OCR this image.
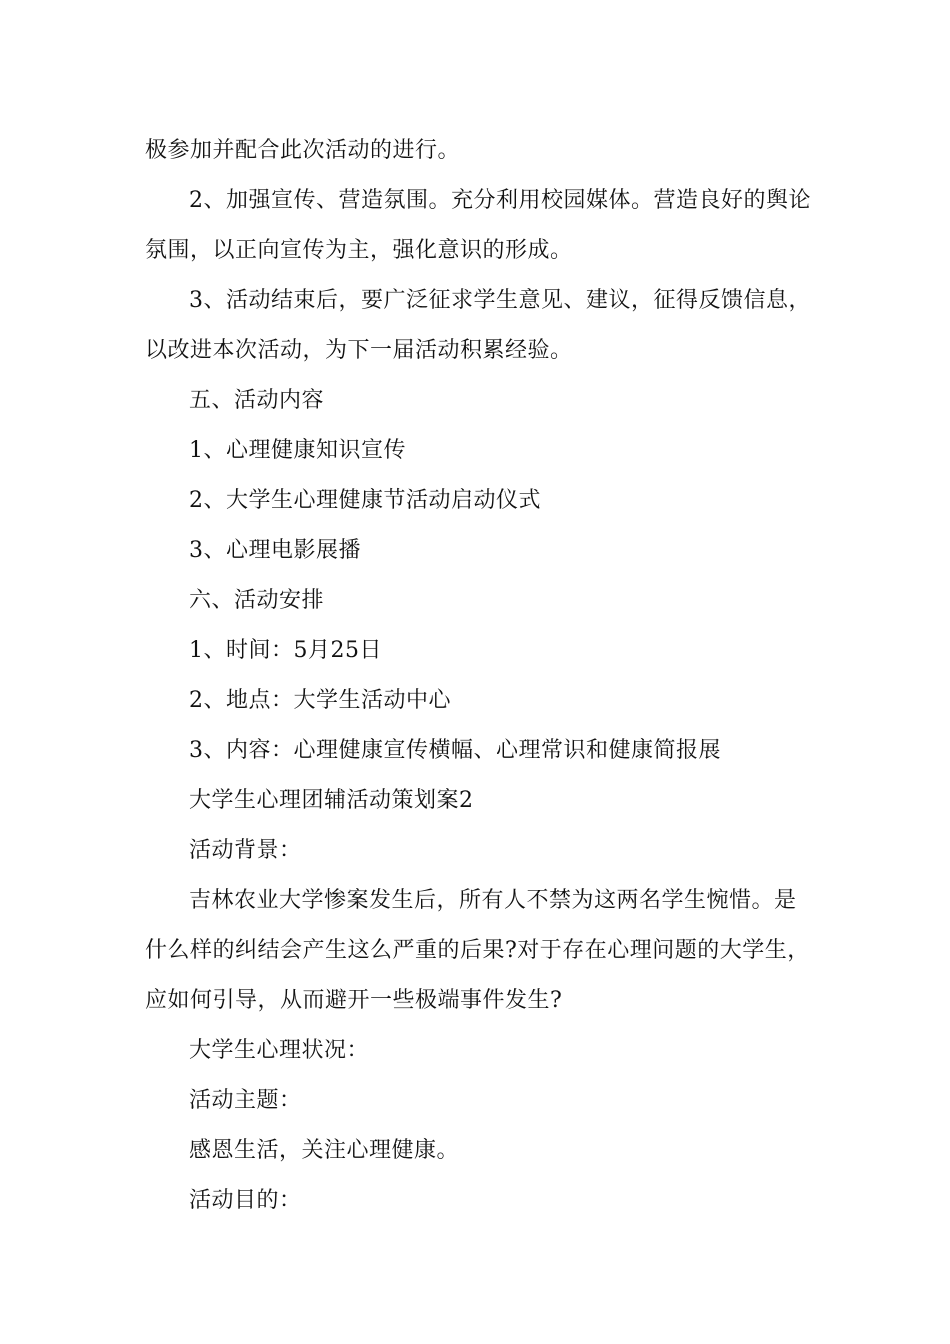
极参加并配合此次活动的进行。
2、加强宣传、营造氛围。充分利用校园媒体。营造良好的舆论
氛围，以正向宣传为主，强化意识的形成。
3、活动结束后，要广泛征求学生意见、建议，征得反馈信息，
以改进本次活动，为下一届活动积累经验。
五、活动内容
1、心理健康知识宣传
2、大学生心理健康节活动启动仪式
3、心理电影展播
六、活动安排
1、时间：5月25日
2、地点：大学生活动中心
3、内容：心理健康宣传横幅、心理常识和健康简报展
大学生心理团辅活动策划案2
活动背景：
吉林农业大学惨案发生后，所有人不禁为这两名学生惋惜。是
什么样的纠结会产生这么严重的后果?对于存在心理问题的大学生，
应如何引导，从而避开一些极端事件发生?
大学生心理状况：
活动主题：
感恩生活，关注心理健康。
活动目的：
